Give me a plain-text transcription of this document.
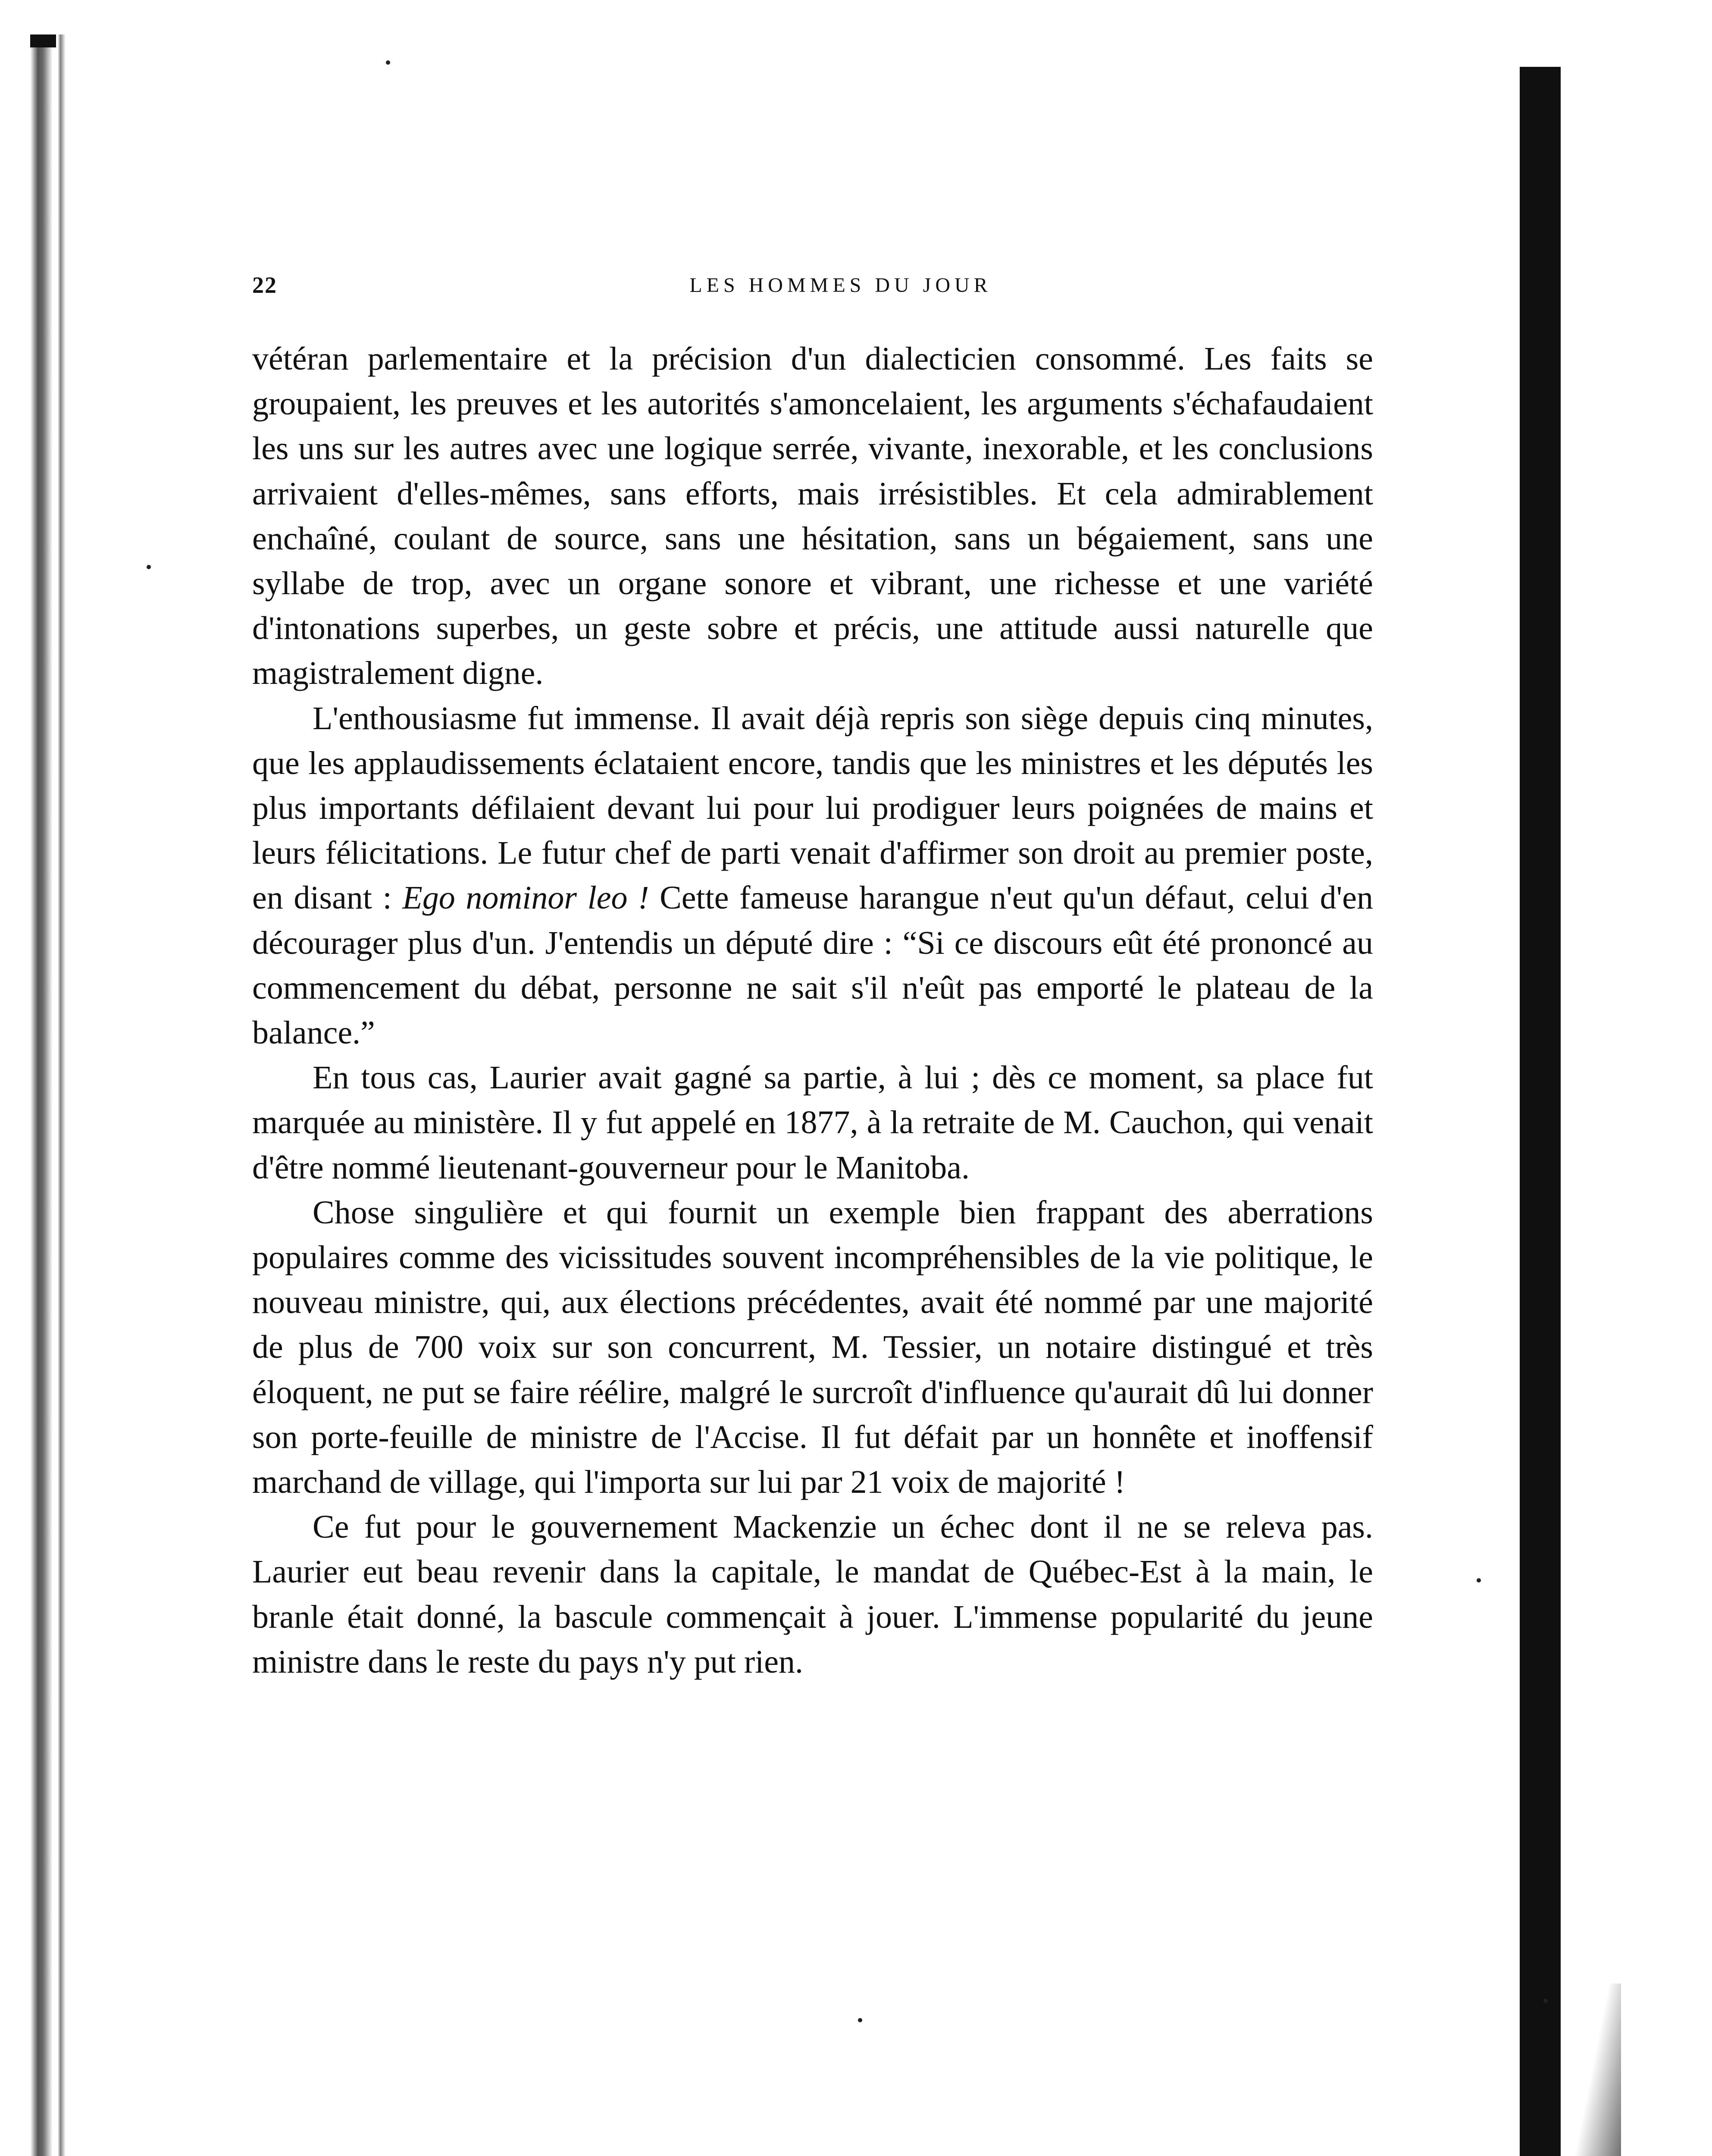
22	LES HOMMES DU JOUR

vétéran parlementaire et la précision d'un dialecticien consommé. Les faits se groupaient, les preuves et les autorités s'amoncelaient, les arguments s'échafaudaient les uns sur les autres avec une logique serrée, vivante, inexorable, et les conclusions arrivaient d'elles-mêmes, sans efforts, mais irrésistibles. Et cela admirablement enchaîné, coulant de source, sans une hésitation, sans un bégaiement, sans une syllabe de trop, avec un organe sonore et vibrant, une richesse et une variété d'intonations superbes, un geste sobre et précis, une attitude aussi naturelle que magistralement digne.

L'enthousiasme fut immense. Il avait déjà repris son siège depuis cinq minutes, que les applaudissements éclataient encore, tandis que les ministres et les députés les plus importants défilaient devant lui pour lui prodiguer leurs poignées de mains et leurs félicitations. Le futur chef de parti venait d'affirmer son droit au premier poste, en disant : Ego nominor leo ! Cette fameuse harangue n'eut qu'un défaut, celui d'en décourager plus d'un. J'entendis un député dire : “Si ce discours eût été prononcé au commencement du débat, personne ne sait s'il n'eût pas emporté le plateau de la balance.”

En tous cas, Laurier avait gagné sa partie, à lui ; dès ce moment, sa place fut marquée au ministère. Il y fut appelé en 1877, à la retraite de M. Cauchon, qui venait d'être nommé lieutenant-gouverneur pour le Manitoba.

Chose singulière et qui fournit un exemple bien frappant des aberrations populaires comme des vicissitudes souvent incompréhensibles de la vie politique, le nouveau ministre, qui, aux élections précédentes, avait été nommé par une majorité de plus de 700 voix sur son concurrent, M. Tessier, un notaire distingué et très éloquent, ne put se faire réélire, malgré le surcroît d'influence qu'aurait dû lui donner son porte-feuille de ministre de l'Accise. Il fut défait par un honnête et inoffensif marchand de village, qui l'importa sur lui par 21 voix de majorité !

Ce fut pour le gouvernement Mackenzie un échec dont il ne se releva pas. Laurier eut beau revenir dans la capitale, le mandat de Québec-Est à la main, le branle était donné, la bascule commençait à jouer. L'immense popularité du jeune ministre dans le reste du pays n'y put rien.
